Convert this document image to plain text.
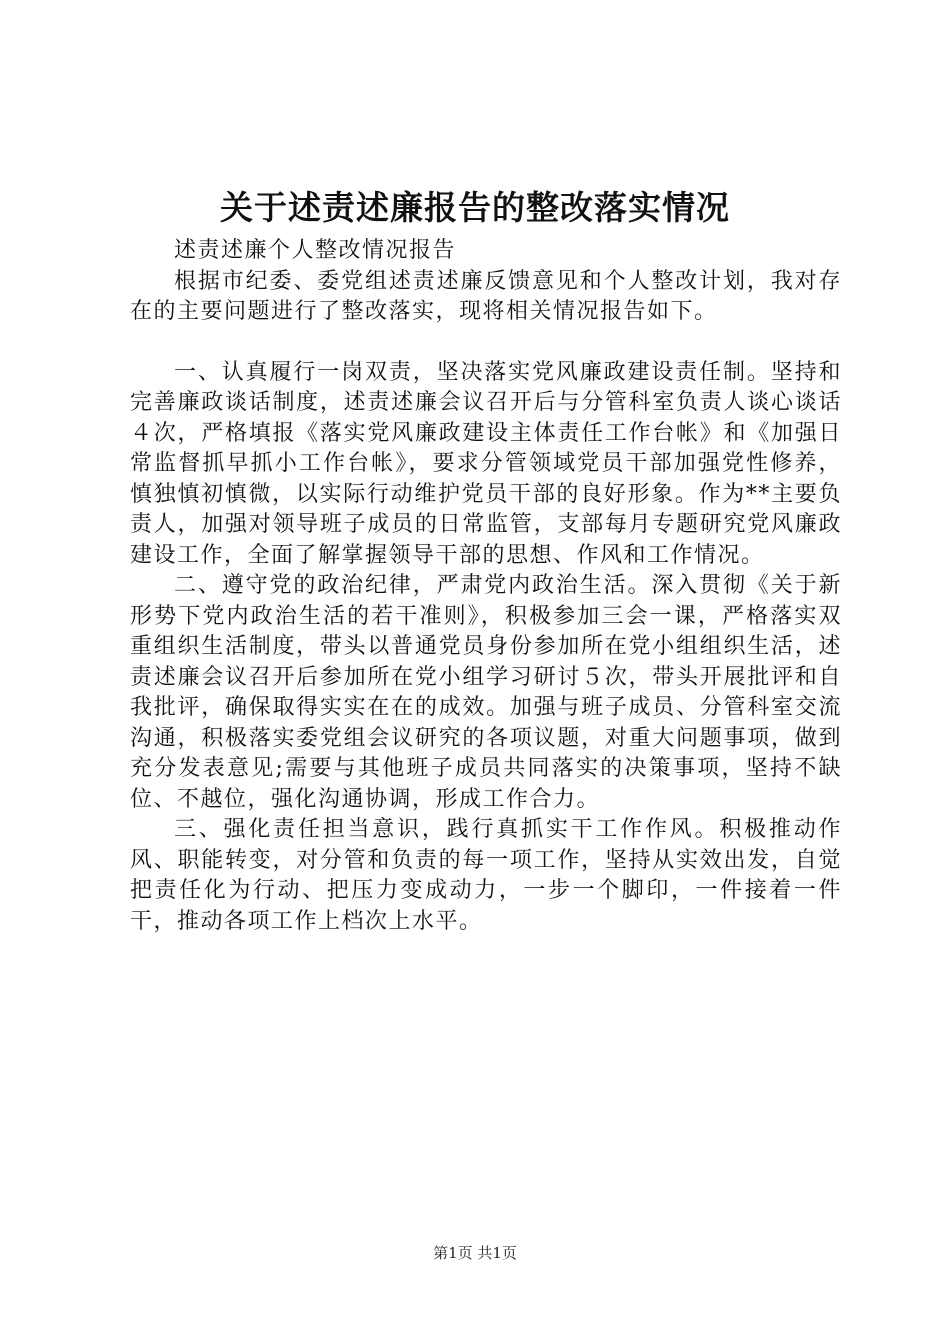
关于述责述廉报告的整改落实情况

述责述廉个人整改情况报告

根据市纪委、委党组述责述廉反馈意见和个人整改计划，我对存在的主要问题进行了整改落实，现将相关情况报告如下。

一、认真履行一岗双责，坚决落实党风廉政建设责任制。坚持和完善廉政谈话制度，述责述廉会议召开后与分管科室负责人谈心谈话４次，严格填报《落实党风廉政建设主体责任工作台帐》和《加强日常监督抓早抓小工作台帐》，要求分管领域党员干部加强党性修养，慎独慎初慎微，以实际行动维护党员干部的良好形象。作为**主要负责人，加强对领导班子成员的日常监管，支部每月专题研究党风廉政建设工作，全面了解掌握领导干部的思想、作风和工作情况。

二、遵守党的政治纪律，严肃党内政治生活。深入贯彻《关于新形势下党内政治生活的若干准则》，积极参加三会一课，严格落实双重组织生活制度，带头以普通党员身份参加所在党小组组织生活，述责述廉会议召开后参加所在党小组学习研讨５次，带头开展批评和自我批评，确保取得实实在在的成效。加强与班子成员、分管科室交流沟通，积极落实委党组会议研究的各项议题，对重大问题事项，做到充分发表意见;需要与其他班子成员共同落实的决策事项，坚持不缺位、不越位，强化沟通协调，形成工作合力。

三、强化责任担当意识，践行真抓实干工作作风。积极推动作风、职能转变，对分管和负责的每一项工作，坚持从实效出发，自觉把责任化为行动、把压力变成动力，一步一个脚印，一件接着一件干，推动各项工作上档次上水平。

第1页 共1页
